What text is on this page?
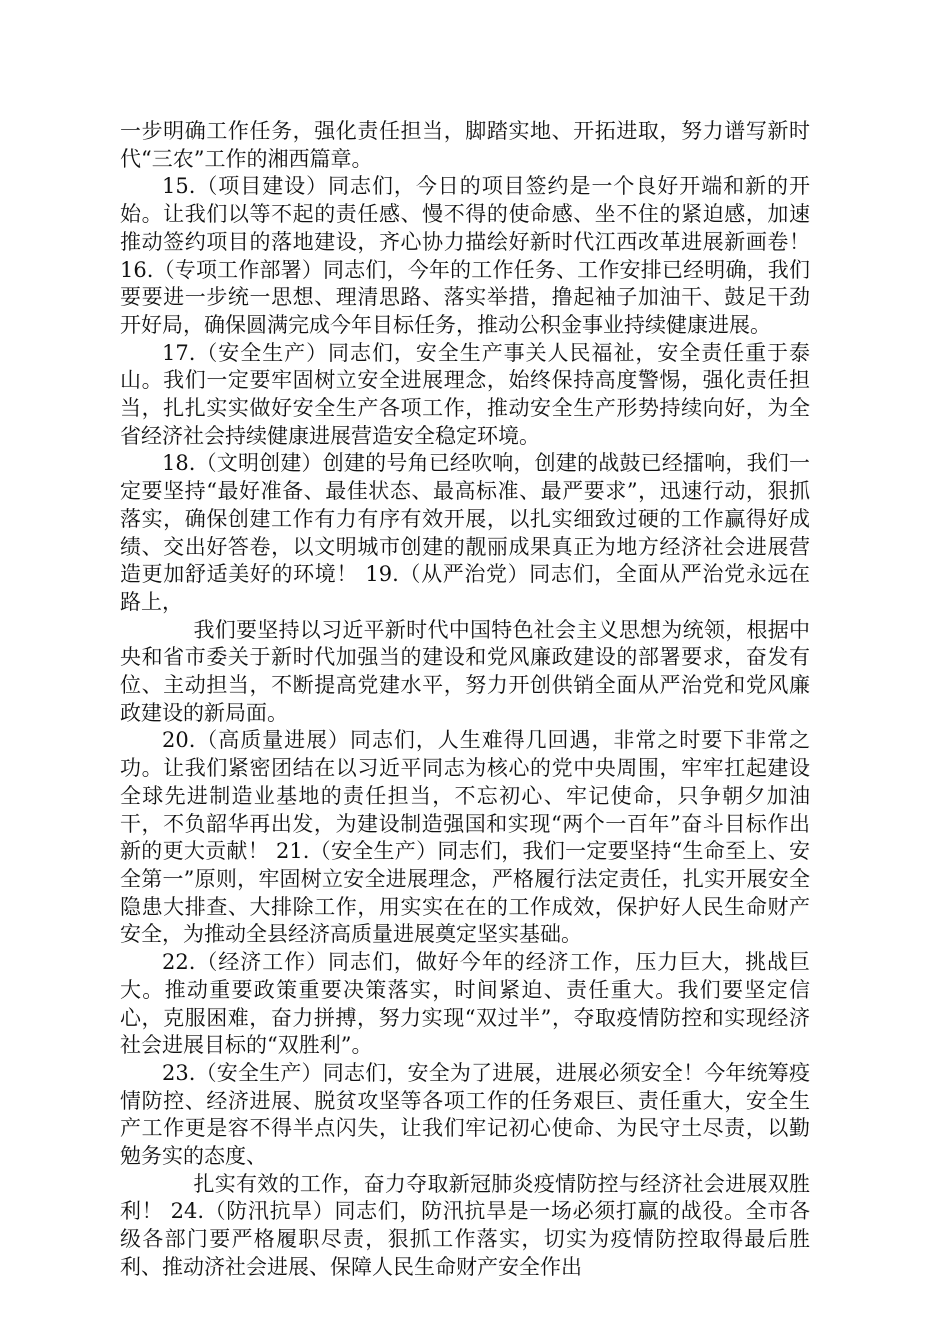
一步明确工作任务，强化责任担当，脚踏实地、开拓进取，努力谱写新时代“三农”工作的湘西篇章。

15.（项目建设）同志们，今日的项目签约是一个良好开端和新的开始。让我们以等不起的责任感、慢不得的使命感、坐不住的紧迫感，加速推动签约项目的落地建设，齐心协力描绘好新时代江西改革进展新画卷！ 16.（专项工作部署）同志们，今年的工作任务、工作安排已经明确，我们要要进一步统一思想、理清思路、落实举措，撸起袖子加油干、鼓足干劲开好局，确保圆满完成今年目标任务，推动公积金事业持续健康进展。

17.（安全生产）同志们，安全生产事关人民福祉，安全责任重于泰山。我们一定要牢固树立安全进展理念，始终保持高度警惕，强化责任担当，扎扎实实做好安全生产各项工作，推动安全生产形势持续向好，为全省经济社会持续健康进展营造安全稳定环境。

18.（文明创建）创建的号角已经吹响，创建的战鼓已经擂响，我们一定要坚持“最好准备、最佳状态、最高标准、最严要求”，迅速行动，狠抓落实，确保创建工作有力有序有效开展，以扎实细致过硬的工作赢得好成绩、交出好答卷，以文明城市创建的靓丽成果真正为地方经济社会进展营造更加舒适美好的环境！ 19.（从严治党）同志们，全面从严治党永远在路上，

我们要坚持以习近平新时代中国特色社会主义思想为统领，根据中央和省市委关于新时代加强当的建设和党风廉政建设的部署要求，奋发有位、主动担当，不断提高党建水平，努力开创供销全面从严治党和党风廉政建设的新局面。

20.（高质量进展）同志们，人生难得几回遇，非常之时要下非常之功。让我们紧密团结在以习近平同志为核心的党中央周围，牢牢扛起建设全球先进制造业基地的责任担当，不忘初心、牢记使命，只争朝夕加油干，不负韶华再出发，为建设制造强国和实现“两个一百年”奋斗目标作出新的更大贡献！ 21.（安全生产）同志们，我们一定要坚持“生命至上、安全第一”原则，牢固树立安全进展理念，严格履行法定责任，扎实开展安全隐患大排查、大排除工作，用实实在在的工作成效，保护好人民生命财产安全，为推动全县经济高质量进展奠定坚实基础。

22.（经济工作）同志们，做好今年的经济工作，压力巨大，挑战巨大。推动重要政策重要决策落实，时间紧迫、责任重大。我们要坚定信心，克服困难，奋力拼搏，努力实现“双过半”，夺取疫情防控和实现经济社会进展目标的“双胜利”。

23.（安全生产）同志们，安全为了进展，进展必须安全！今年统筹疫情防控、经济进展、脱贫攻坚等各项工作的任务艰巨、责任重大，安全生产工作更是容不得半点闪失，让我们牢记初心使命、为民守土尽责，以勤勉务实的态度、

扎实有效的工作，奋力夺取新冠肺炎疫情防控与经济社会进展双胜利！ 24.（防汛抗旱）同志们，防汛抗旱是一场必须打赢的战役。全市各级各部门要严格履职尽责，狠抓工作落实，切实为疫情防控取得最后胜利、推动济社会进展、保障人民生命财产安全作出
